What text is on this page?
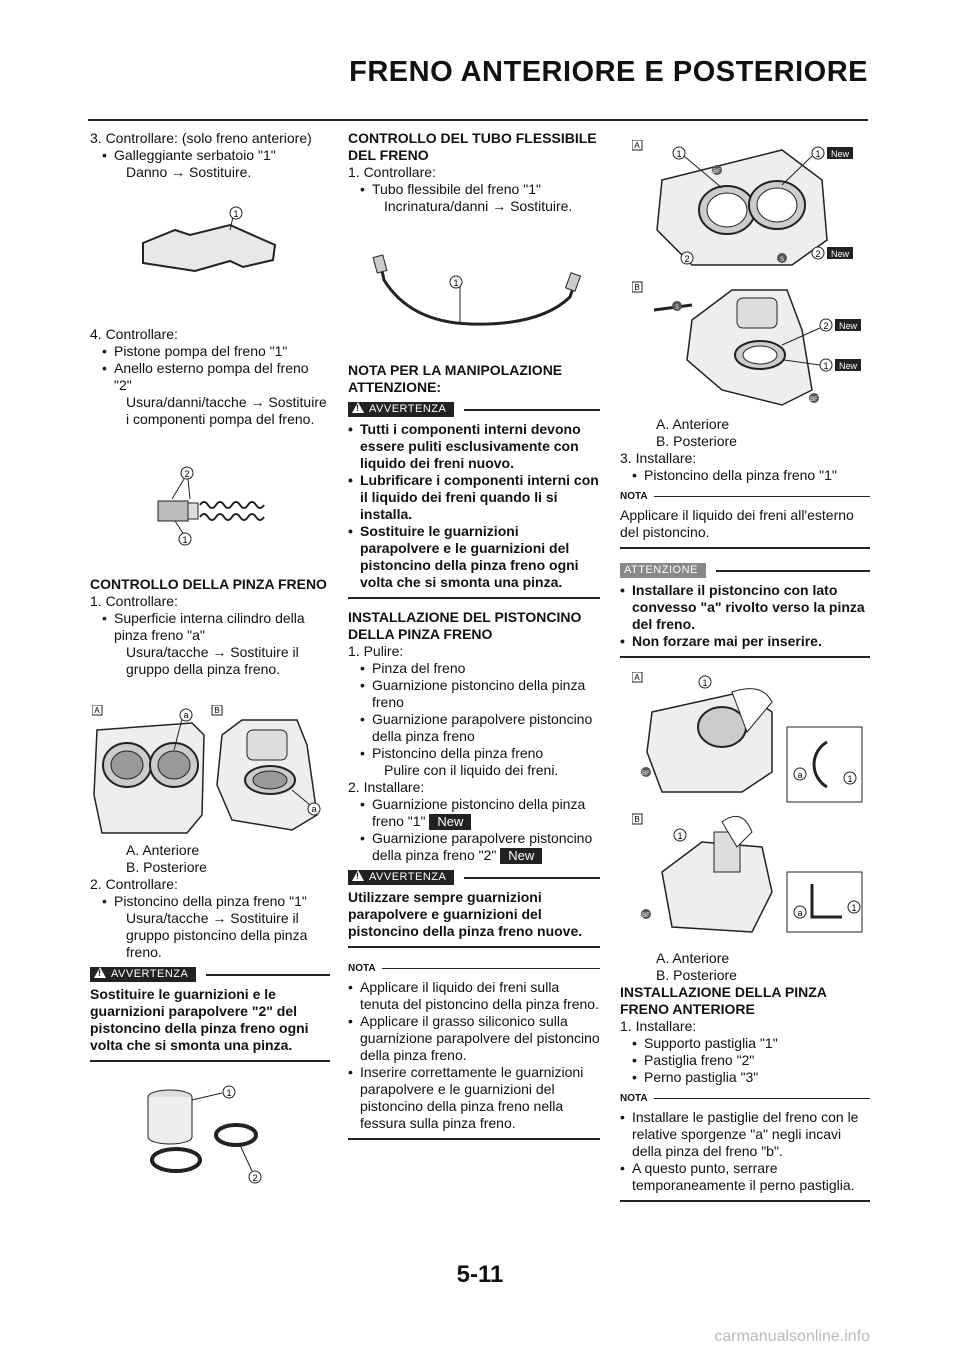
FRENO ANTERIORE E POSTERIORE

3. Controllare: (solo freno anteriore)

• Galleggiante serbatoio "1"

Danno → Sostituire.

1

4. Controllare:

• Pistone pompa del freno "1"

• Anello esterno pompa del freno "2"

Usura/danni/tacche → Sostituire i componenti pompa del freno.

2
1

CONTROLLO DELLA PINZA FRENO

1. Controllare:

• Superficie interna cilindro della pinza freno "a"

Usura/tacche → Sostituire il gruppo della pinza freno.

A	a	B
a

A. Anteriore

B. Posteriore

2. Controllare:

• Pistoncino della pinza freno "1"

Usura/tacche → Sostituire il gruppo pistoncino della pinza freno.

!AVVERTENZA

Sostituire le guarnizioni e le guarnizioni parapolvere "2" del pistoncino della pinza freno ogni volta che si smonta una pinza.

1
2

CONTROLLO DEL TUBO FLESSIBILE DEL FRENO

1. Controllare:

• Tubo flessibile del freno "1"

Incrinatura/danni → Sostituire.

1

NOTA PER LA MANIPOLAZIONE ATTENZIONE:

!AVVERTENZA

• Tutti i componenti interni devono essere puliti esclusivamente con liquido dei freni nuovo.

• Lubrificare i componenti interni con il liquido dei freni quando li si installa.

• Sostituire le guarnizioni parapolvere e le guarnizioni del pistoncino della pinza freno ogni volta che si smonta una pinza.

INSTALLAZIONE DEL PISTONCINO DELLA PINZA FRENO

1. Pulire:

• Pinza del freno

• Guarnizione pistoncino della pinza freno

• Guarnizione parapolvere pistoncino della pinza freno

• Pistoncino della pinza freno

Pulire con il liquido dei freni.

2. Installare:

• Guarnizione pistoncino della pinza freno "1" New

• Guarnizione parapolvere pistoncino della pinza freno "2" New

!AVVERTENZA

Utilizzare sempre guarnizioni parapolvere e guarnizioni del pistoncino della pinza freno nuove.

NOTA

• Applicare il liquido dei freni sulla tenuta del pistoncino della pinza freno.

• Applicare il grasso siliconico sulla guarnizione parapolvere del pistoncino della pinza freno.

• Inserire correttamente le guarnizioni parapolvere e le guarnizioni del pistoncino della pinza freno nella fessura sulla pinza freno.

A
1	1 New
2	2 New
BF
S
B
S
2 New
1 New
BF

A. Anteriore

B. Posteriore

3. Installare:

• Pistoncino della pinza freno "1"

NOTA

Applicare il liquido dei freni all'esterno del pistoncino.

ATTENZIONE

• Installare il pistoncino con lato convesso "a" rivolto verso la pinza del freno.

• Non forzare mai per inserire.

A
1
a	1
BF
B
1
a	1
BF

A. Anteriore

B. Posteriore

INSTALLAZIONE DELLA PINZA FRENO ANTERIORE

1. Installare:

• Supporto pastiglia "1"

• Pastiglia freno "2"

• Perno pastiglia "3"

NOTA

• Installare le pastiglie del freno con le relative sporgenze "a" negli incavi della pinza del freno "b".

• A questo punto, serrare temporaneamente il perno pastiglia.

5-11
carmanualsonline.info
